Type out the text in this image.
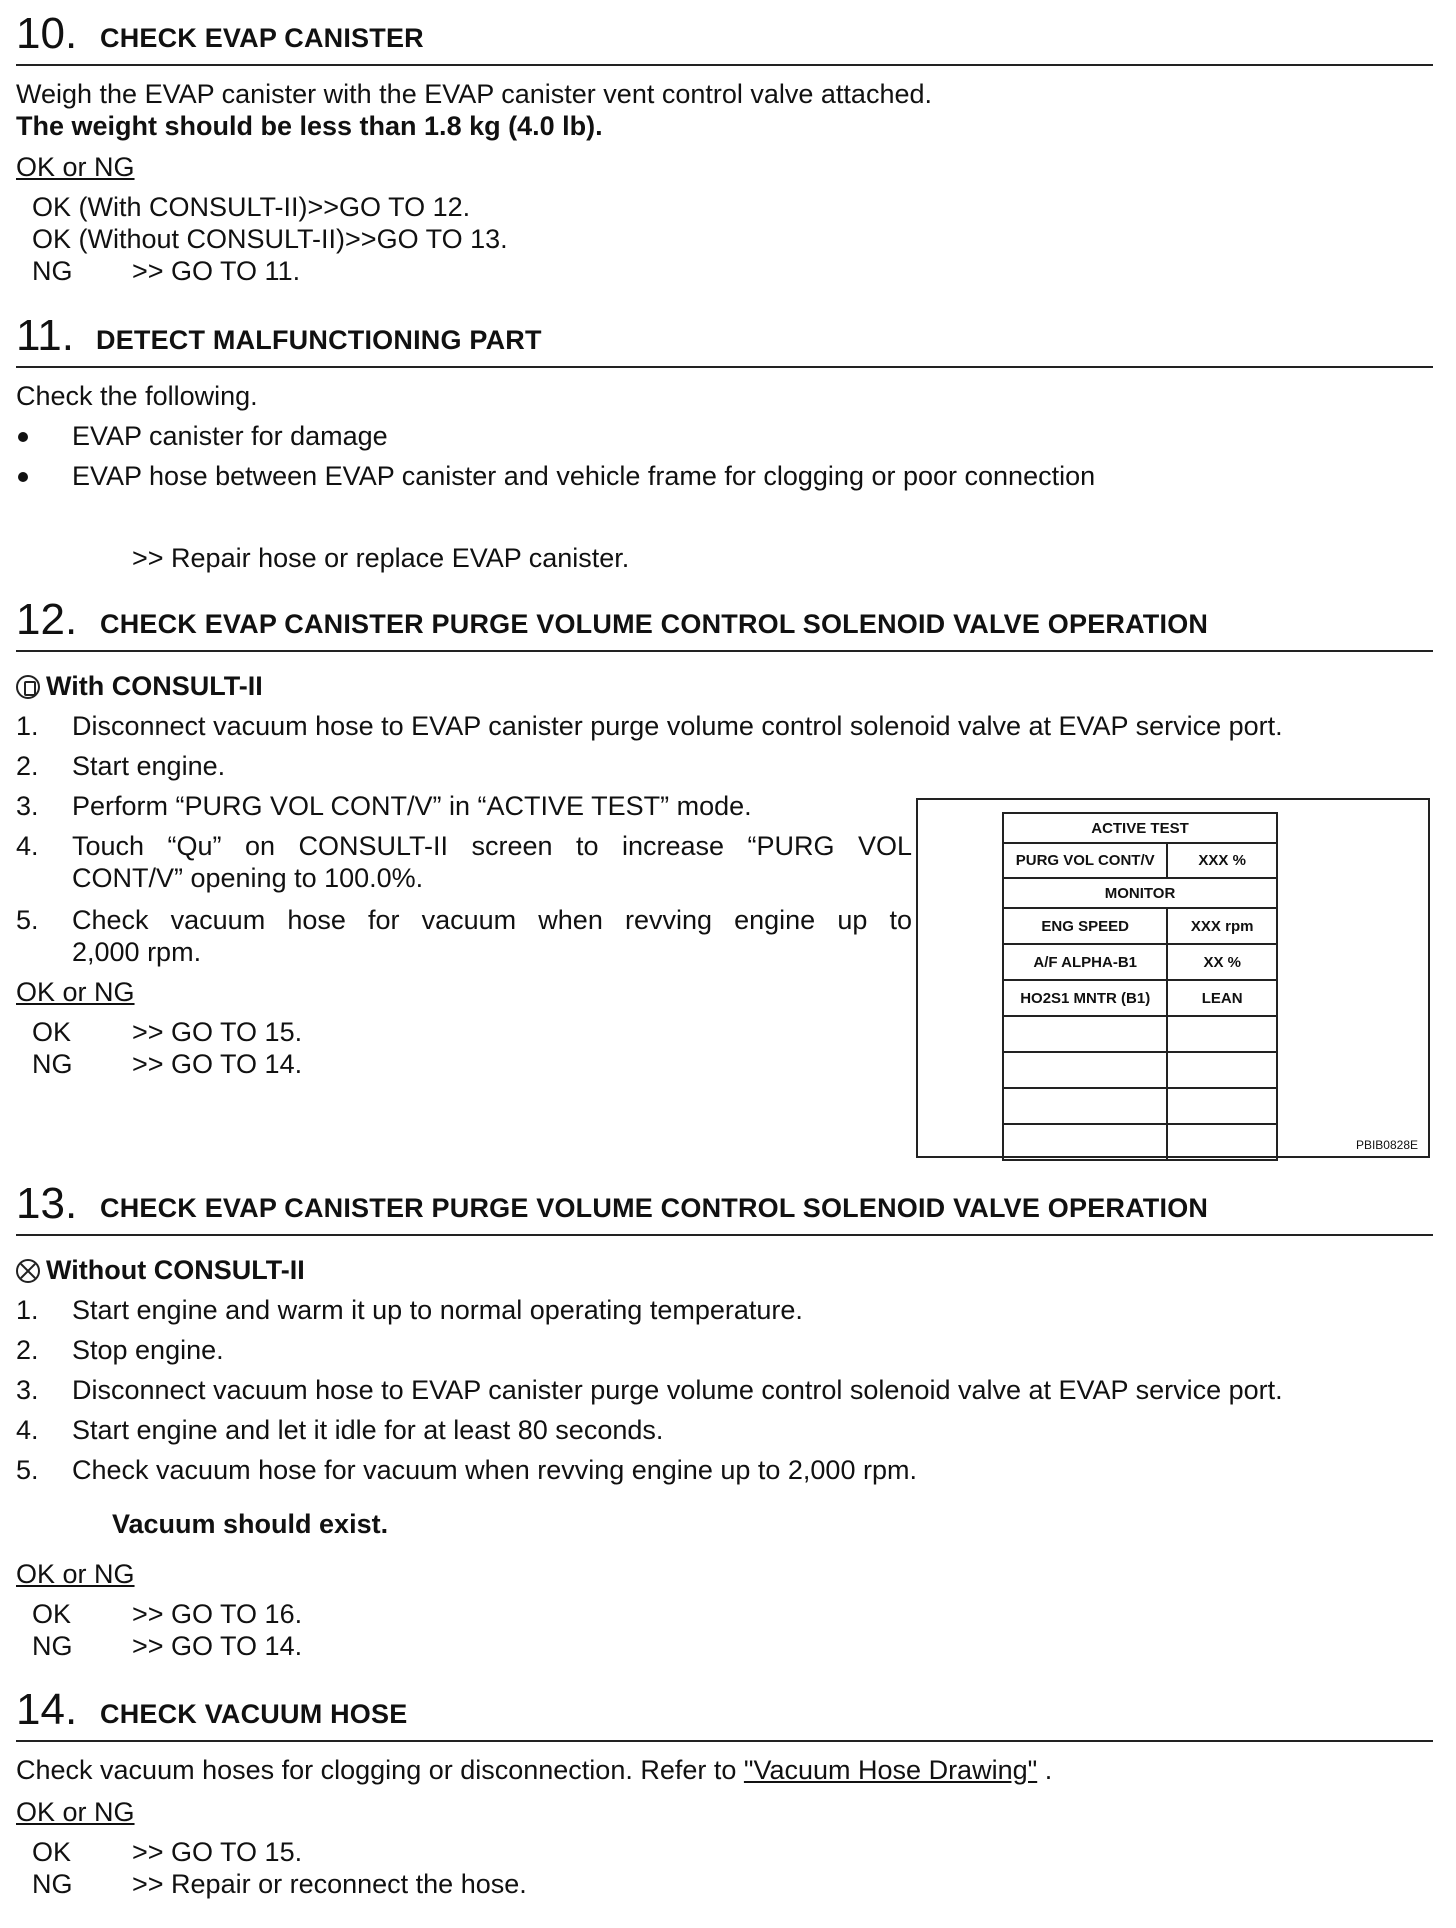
10. CHECK EVAP CANISTER
Weigh the EVAP canister with the EVAP canister vent control valve attached.
The weight should be less than 1.8 kg (4.0 lb).
OK or NG
OK (With CONSULT-II)>>GO TO 12.
OK (Without CONSULT-II)>>GO TO 13.
NG >> GO TO 11.
11. DETECT MALFUNCTIONING PART
Check the following.
EVAP canister for damage
EVAP hose between EVAP canister and vehicle frame for clogging or poor connection
>> Repair hose or replace EVAP canister.
12. CHECK EVAP CANISTER PURGE VOLUME CONTROL SOLENOID VALVE OPERATION
With CONSULT-II
1. Disconnect vacuum hose to EVAP canister purge volume control solenoid valve at EVAP service port.
2. Start engine.
3. Perform “PURG VOL CONT/V” in “ACTIVE TEST” mode.
4. Touch “Qu” on CONSULT-II screen to increase “PURG VOL
CONT/V” opening to 100.0%.
5. Check vacuum hose for vacuum when revving engine up to
2,000 rpm.
OK or NG
OK >> GO TO 15.
NG >> GO TO 14.
ACTIVE TEST	
PURG VOL CONT/V	XXX %
MONITOR	
ENG SPEED	XXX rpm
A/F ALPHA-B1	XX %
HO2S1 MNTR (B1)	LEAN

PBIB0828E
13. CHECK EVAP CANISTER PURGE VOLUME CONTROL SOLENOID VALVE OPERATION
Without CONSULT-II
1. Start engine and warm it up to normal operating temperature.
2. Stop engine.
3. Disconnect vacuum hose to EVAP canister purge volume control solenoid valve at EVAP service port.
4. Start engine and let it idle for at least 80 seconds.
5. Check vacuum hose for vacuum when revving engine up to 2,000 rpm.
Vacuum should exist.
OK or NG
OK >> GO TO 16.
NG >> GO TO 14.
14. CHECK VACUUM HOSE
Check vacuum hoses for clogging or disconnection. Refer to "Vacuum Hose Drawing" .
OK or NG
OK >> GO TO 15.
NG >> Repair or reconnect the hose.
